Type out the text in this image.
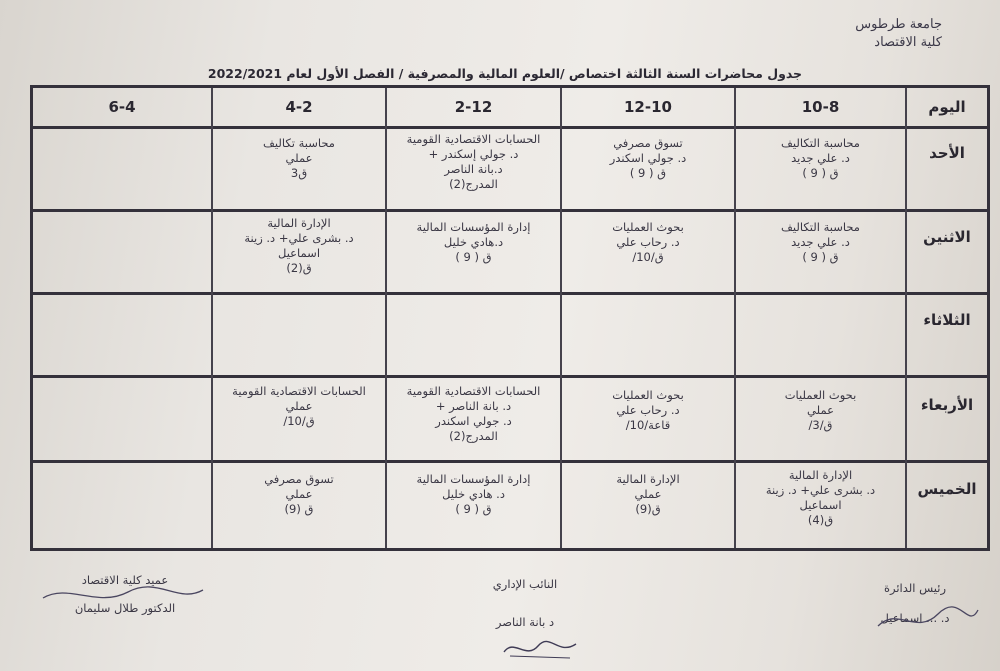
جامعة طرطوس
كلية الاقتصاد
جدول محاضرات السنة الثالثة اختصاص /العلوم المالية والمصرفية / الفصل الأول لعام 2022/2021
اليوم
10-8
12-10
2-12
4-2
6-4
الأحد
الاثنين
الثلاثاء
الأربعاء
الخميس
محاسبة التكاليف
د. علي جديد
ق ( 9 )
تسوق مصرفي
د. جولي اسكندر
ق ( 9 )
الحسابات الاقتصادية القومية
د. جولي إسكندر +
د.بانة الناصر
المدرج(2)
محاسبة تكاليف
عملي
ق3
محاسبة التكاليف
د. علي جديد
ق ( 9 )
بحوث العمليات
د. رحاب علي
ق/10/
إدارة المؤسسات المالية
د.هادي خليل
ق ( 9 )
الإدارة المالية
د. بشرى علي+ د. زينة
اسماعيل
ق(2)
بحوث العمليات
عملي
ق/3/
بحوث العمليات
د. رحاب علي
قاعة/10/
الحسابات الاقتصادية القومية
د. بانة الناصر +
د. جولي اسكندر
المدرج(2)
الحسابات الاقتصادية القومية
عملي
ق/10/
الإدارة المالية
د. بشرى علي+ د. زينة
اسماعيل
ق(4)
الإدارة المالية
عملي
ق(9)
إدارة المؤسسات المالية
د. هادي خليل
ق ( 9 )
تسوق مصرفي
عملي
ق (9)
عميد كلية الاقتصاد
الدكتور طلال سليمان
النائب الإداري
د بانة الناصر
رئيس الدائرة
د. ... اسماعيل
